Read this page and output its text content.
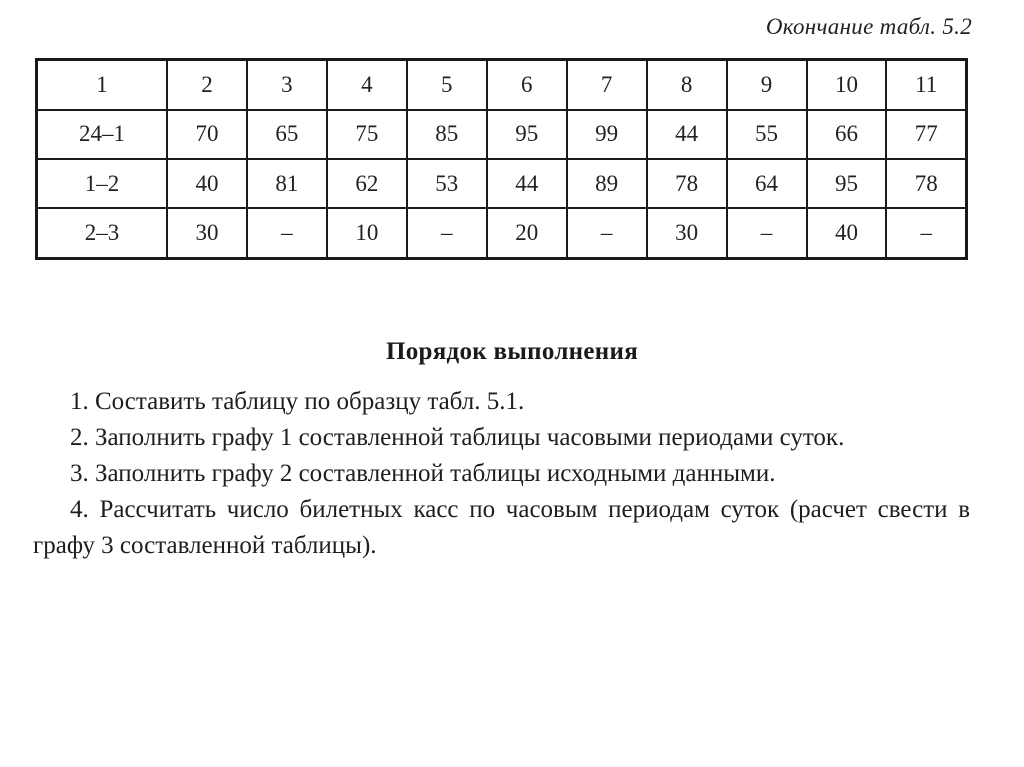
Окончание табл. 5.2
1	2	3	4	5	6	7	8	9	10	11
24–1	70	65	75	85	95	99	44	55	66	77
1–2	40	81	62	53	44	89	78	64	95	78
2–3	30	–	10	–	20	–	30	–	40	–
Порядок выполнения

1. Составить таблицу по образцу табл. 5.1.

2. Заполнить графу 1 составленной таблицы часовыми периодами суток.

3. Заполнить графу 2 составленной таблицы исходными данными.

4. Рассчитать число билетных касс по часовым периодам суток (расчет свести в графу 3 составленной таблицы).
